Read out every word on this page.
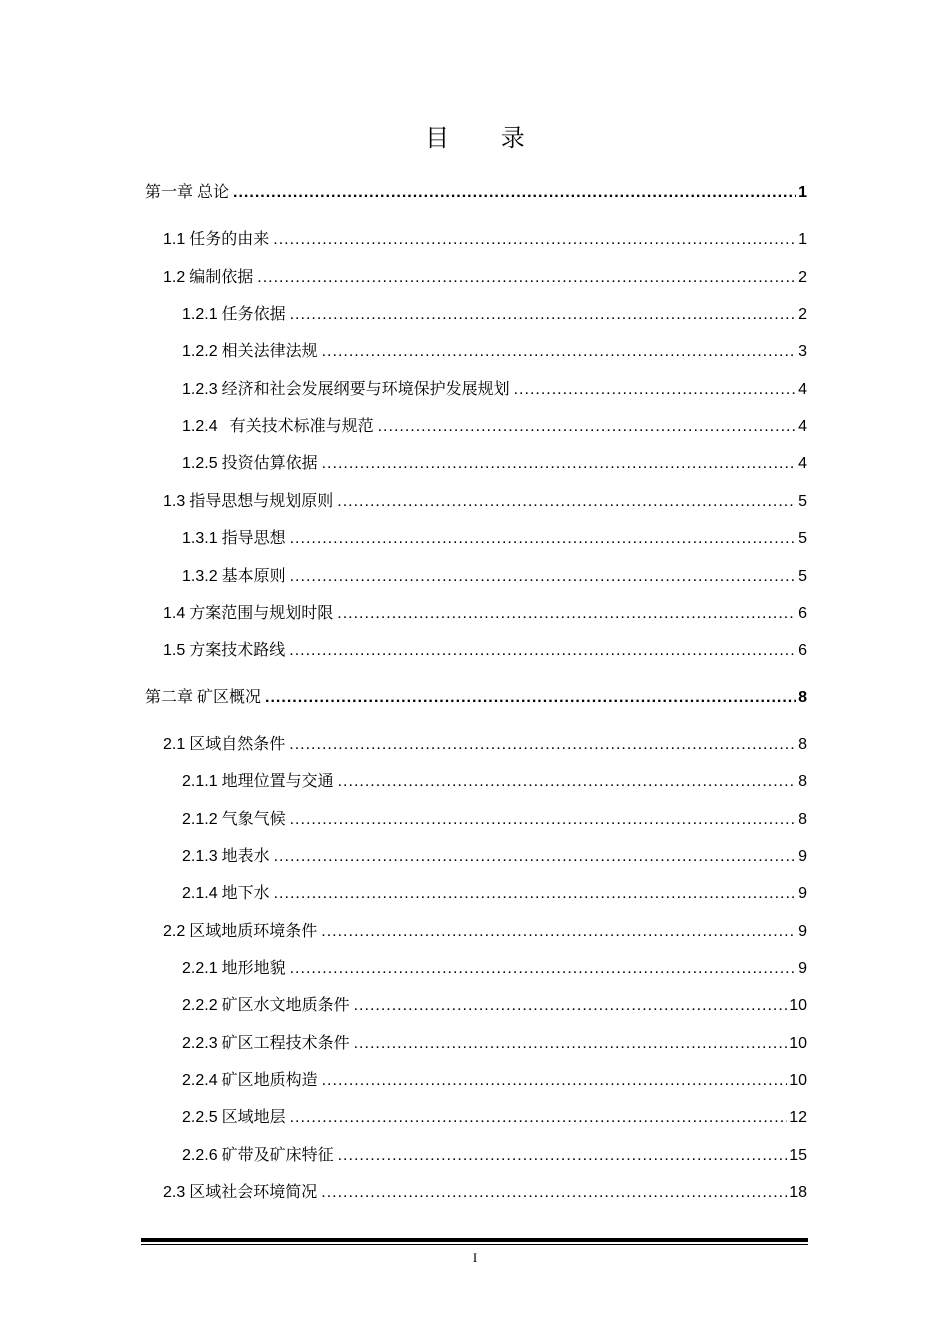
目 录
第一章 总论 .....	1
1.1 任务的由来 .....	1
1.2 编制依据 .....	2
1.2.1 任务依据 .....	2
1.2.2 相关法律法规 .....	3
1.2.3 经济和社会发展纲要与环境保护发展规划 .....	4
1.2.4 有关技术标准与规范 .....	4
1.2.5 投资估算依据 .....	4
1.3 指导思想与规划原则 .....	5
1.3.1 指导思想 .....	5
1.3.2 基本原则 .....	5
1.4 方案范围与规划时限 .....	6
1.5 方案技术路线 .....	6
第二章 矿区概况 .....	8
2.1 区域自然条件 .....	8
2.1.1 地理位置与交通 .....	8
2.1.2 气象气候 .....	8
2.1.3 地表水 .....	9
2.1.4 地下水 .....	9
2.2 区域地质环境条件 .....	9
2.2.1 地形地貌 .....	9
2.2.2 矿区水文地质条件 .....	10
2.2.3 矿区工程技术条件 .....	10
2.2.4 矿区地质构造 .....	10
2.2.5 区域地层 .....	12
2.2.6 矿带及矿床特征 .....	15
2.3 区域社会环境简况 .....	18
I
